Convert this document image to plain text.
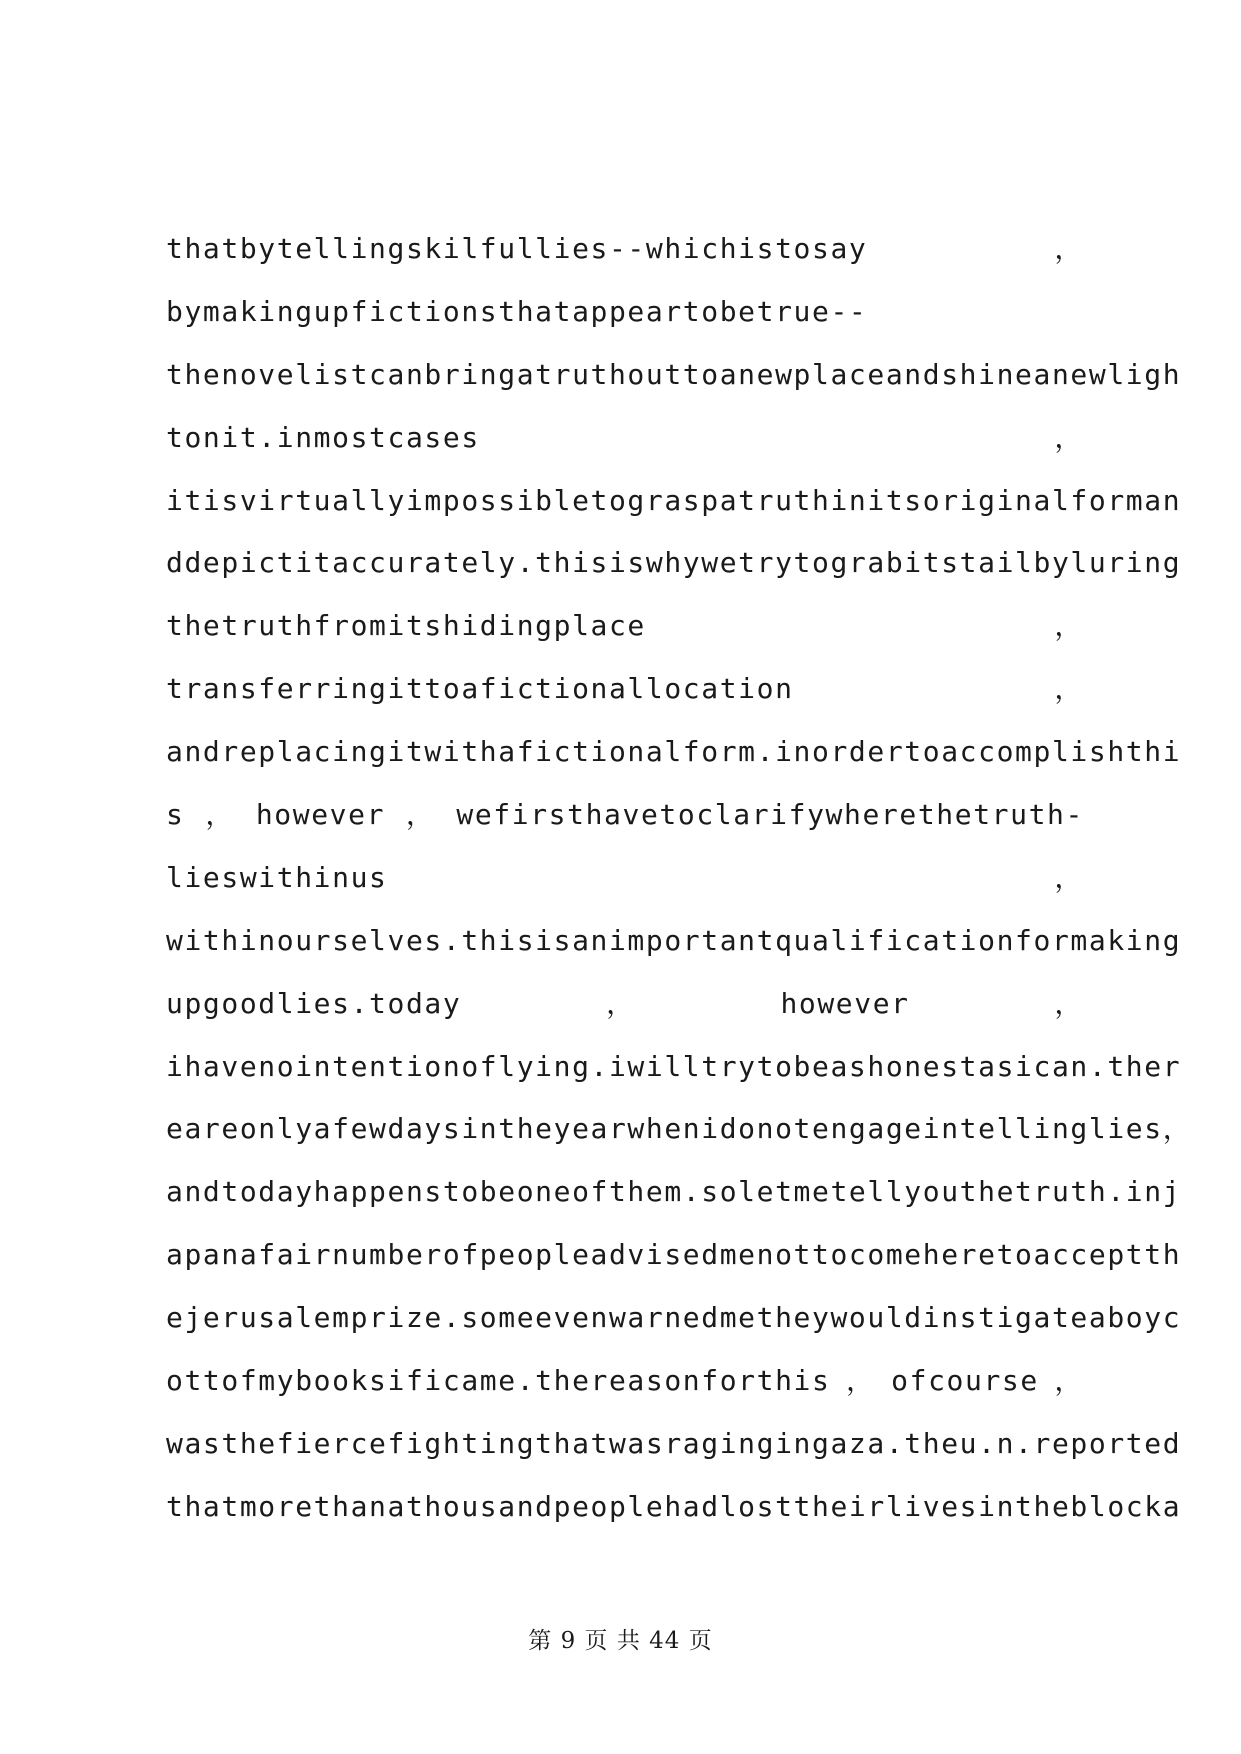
thatbytellingskilfullies--whichistosay	，
bymakingupfictionsthatappeartobetrue--
thenovelistcanbringatruthouttoanewplaceandshineanewligh
tonit.inmostcases	，
itisvirtuallyimpossibletograspatruthinitsoriginalforman
ddepictitaccurately.thisiswhywetrytograbitstailbyluring
thetruthfromitshidingplace	，
transferringittoafictionallocation	，
andreplacingitwithafictionalform.inordertoaccomplishthi
s ， however ， wefirsthavetoclarifywherethetruth-
lieswithinus	，
withinourselves.thisisanimportantqualificationformaking
upgoodlies.today	，	however	，
ihavenointentionoflying.iwilltrytobeashonestasican.ther
eareonlyafewdaysintheyearwhenidonotengageintellinglies，
andtodayhappenstobeoneofthem.soletmetellyouthetruth.inj
apanafairnumberofpeopleadvisedmenottocomeheretoacceptth
ejerusalemprize.someevenwarnedmetheywouldinstigateaboyc
ottofmybooksificame.thereasonforthis ， ofcourse ，
wasthefiercefightingthatwasragingingaza.theu.n.reported
thatmorethanathousandpeoplehadlosttheirlivesintheblocka
第 9 页 共 44 页
